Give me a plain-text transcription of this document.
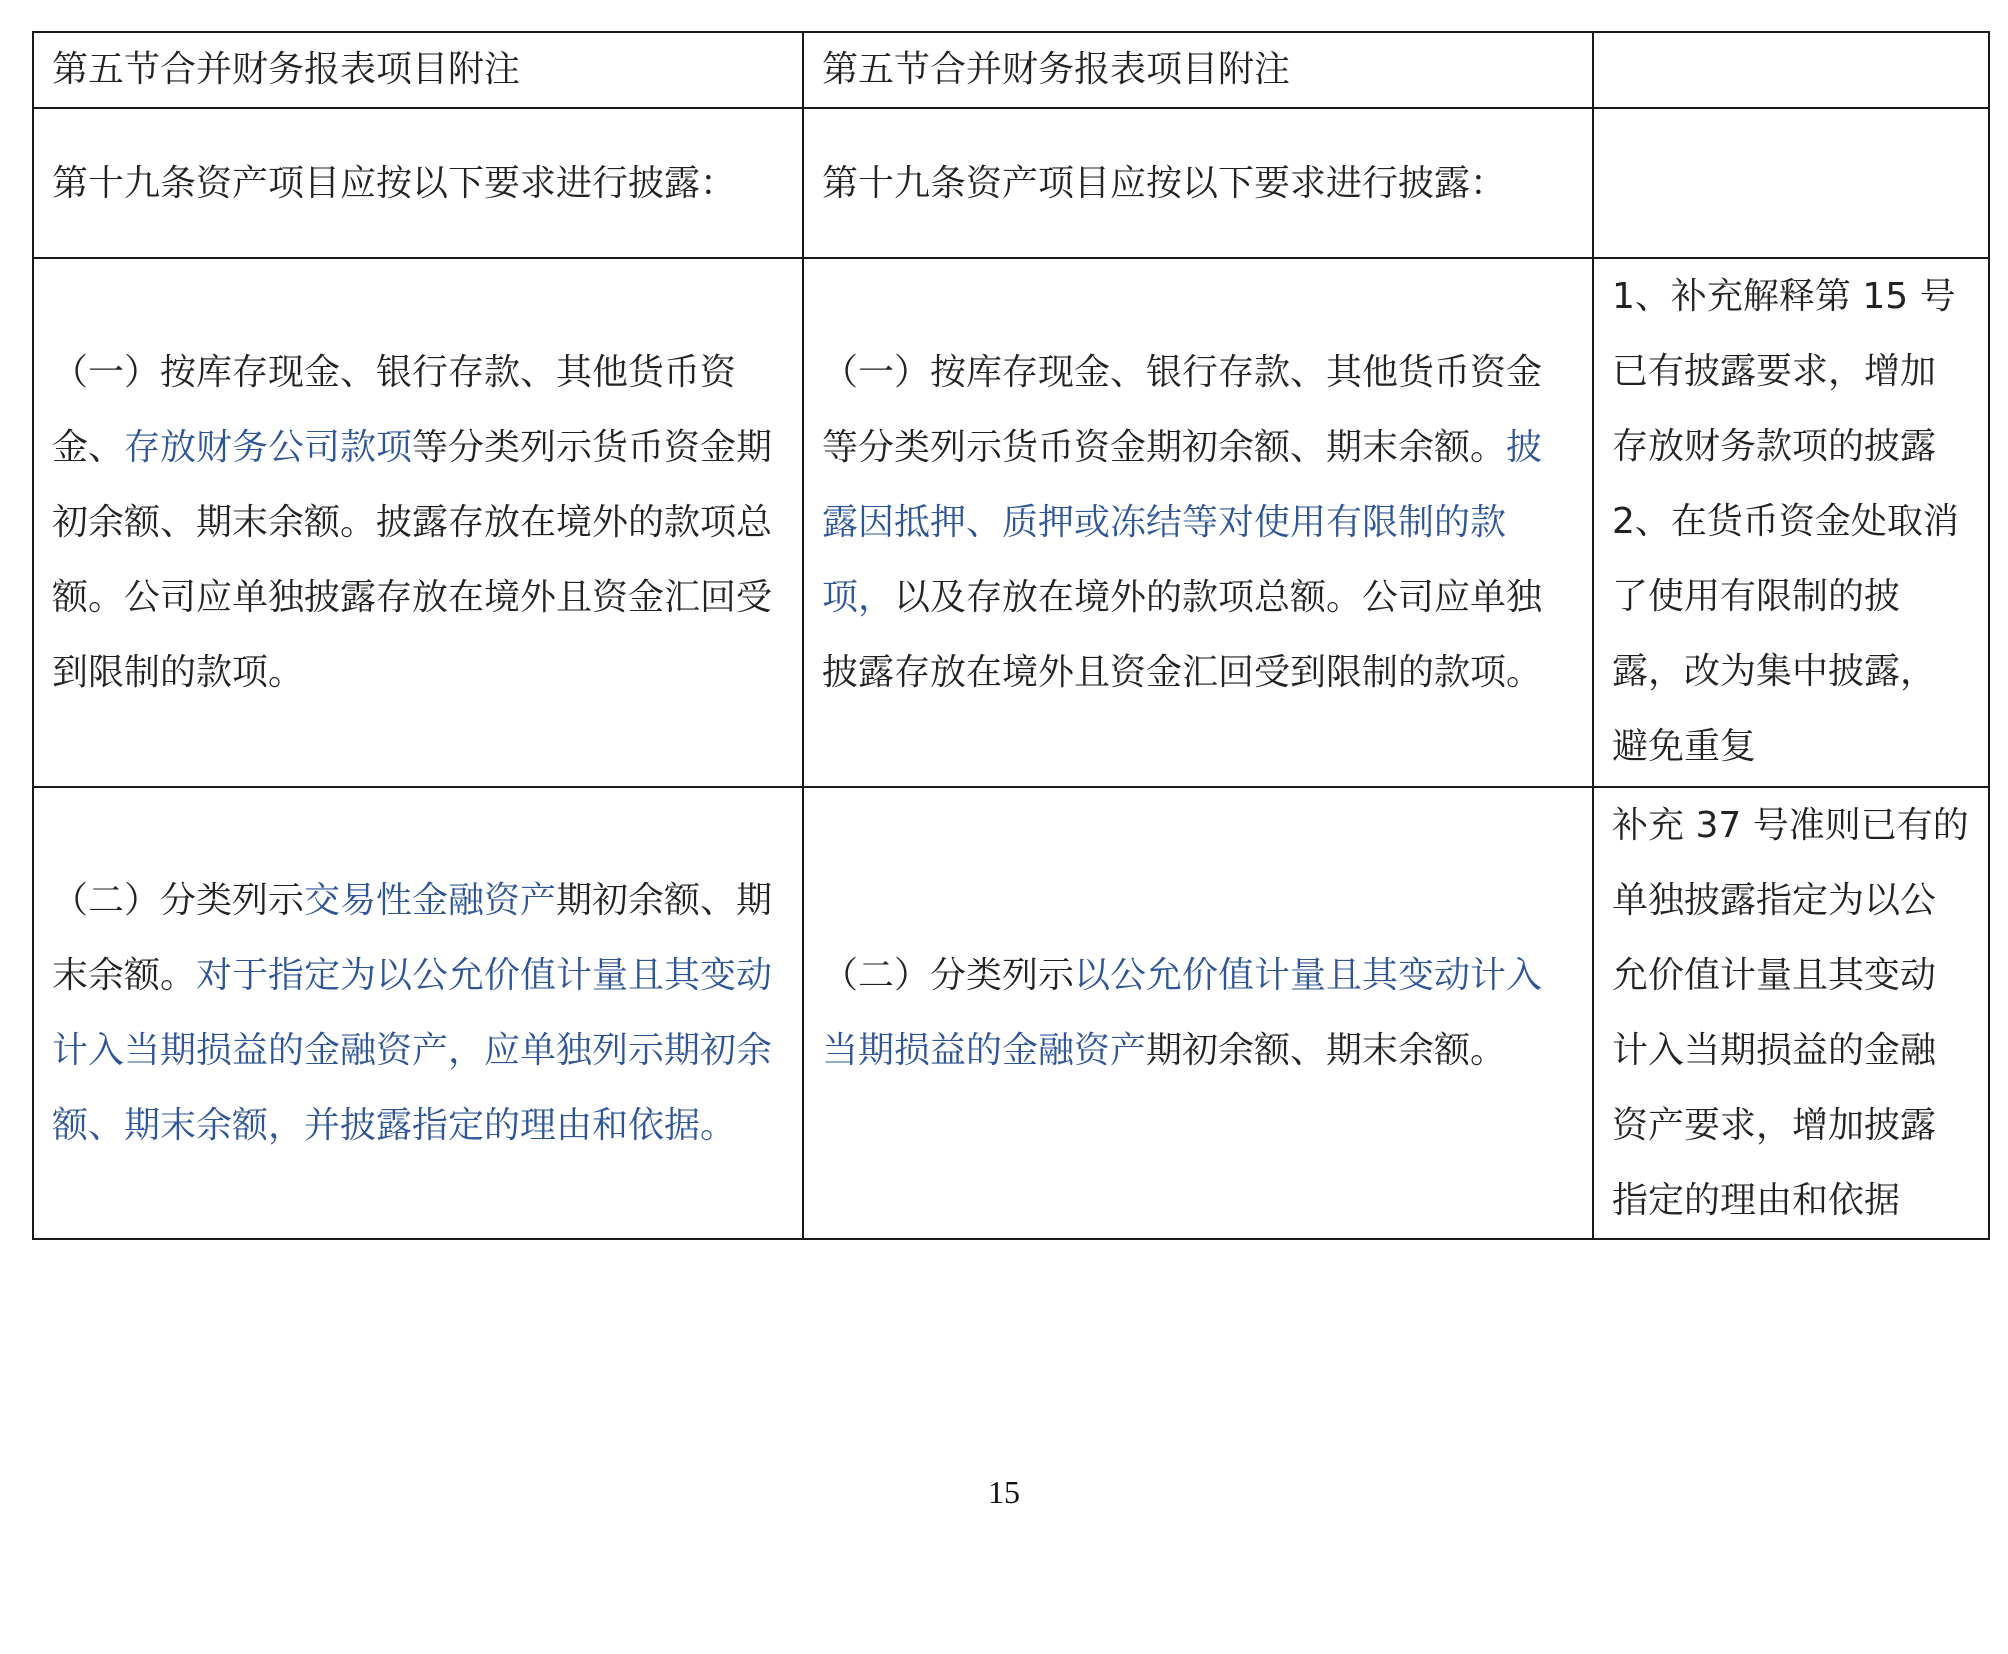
第五节合并财务报表项目附注	第五节合并财务报表项目附注	
第十九条资产项目应按以下要求进行披露：	第十九条资产项目应按以下要求进行披露：	
（一）按库存现金、银行存款、其他货币资金、存放财务公司款项等分类列示货币资金期初余额、期末余额。披露存放在境外的款项总额。公司应单独披露存放在境外且资金汇回受到限制的款项。	（一）按库存现金、银行存款、其他货币资金等分类列示货币资金期初余额、期末余额。披露因抵押、质押或冻结等对使用有限制的款项，以及存放在境外的款项总额。公司应单独披露存放在境外且资金汇回受到限制的款项。	1、补充解释第 15 号已有披露要求，增加存放财务款项的披露
2、在货币资金处取消了使用有限制的披露，改为集中披露，避免重复

（二）分类列示交易性金融资产期初余额、期末余额。对于指定为以公允价值计量且其变动计入当期损益的金融资产，应单独列示期初余额、期末余额，并披露指定的理由和依据。	（二）分类列示以公允价值计量且其变动计入当期损益的金融资产期初余额、期末余额。	补充 37 号准则已有的单独披露指定为以公允价值计量且其变动计入当期损益的金融资产要求，增加披露指定的理由和依据
15
